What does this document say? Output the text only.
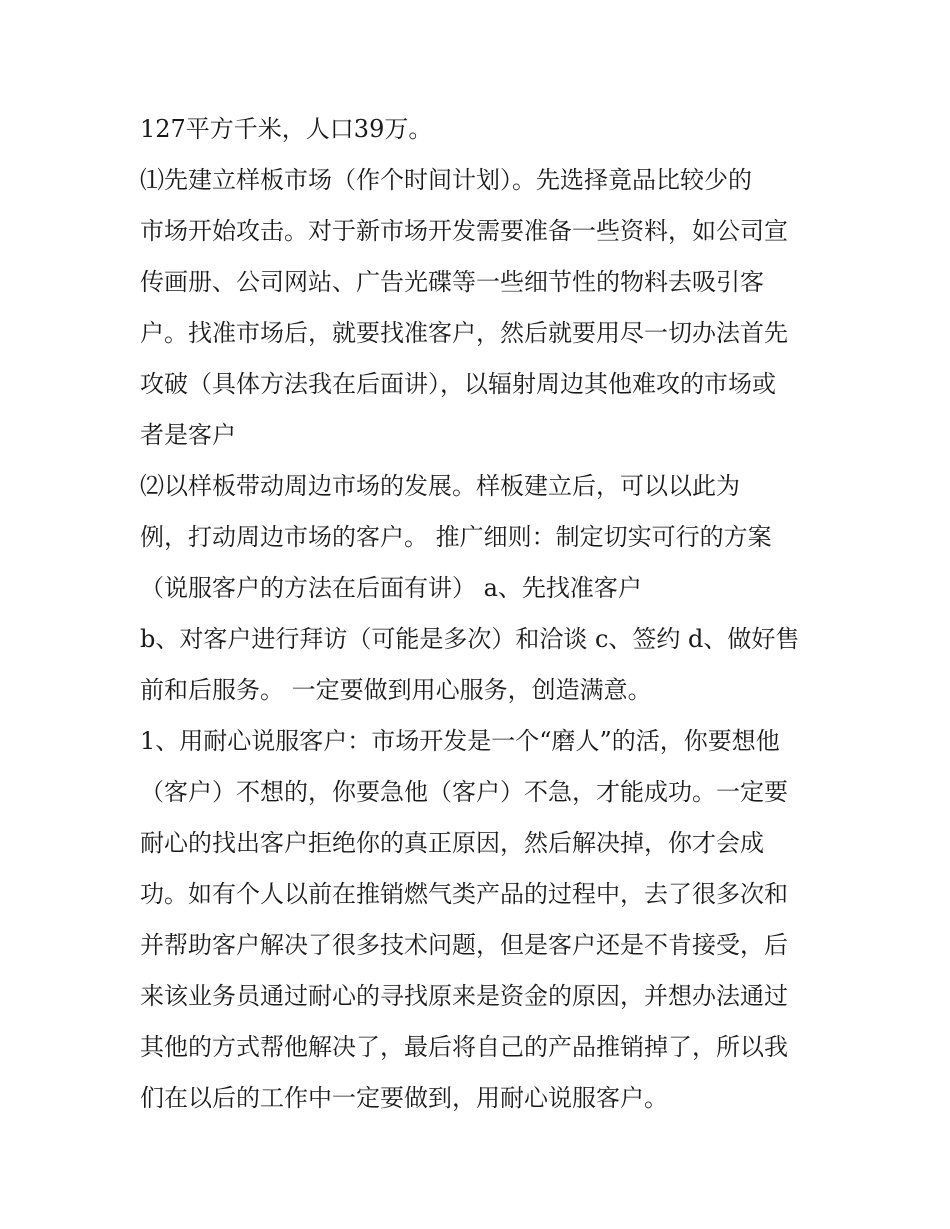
127平方千米，人口39万。
⑴先建立样板市场（作个时间计划）。先选择竟品比较少的
市场开始攻击。对于新市场开发需要准备一些资料，如公司宣
传画册、公司网站、广告光碟等一些细节性的物料去吸引客
户。找准市场后，就要找准客户，然后就要用尽一切办法首先
攻破（具体方法我在后面讲），以辐射周边其他难攻的市场或
者是客户
⑵以样板带动周边市场的发展。样板建立后，可以以此为
例，打动周边市场的客户。 推广细则：制定切实可行的方案
（说服客户的方法在后面有讲） a、先找准客户
b、对客户进行拜访（可能是多次）和洽谈 c、签约 d、做好售
前和后服务。 一定要做到用心服务，创造满意。
1、用耐心说服客户：市场开发是一个“磨人”的活，你要想他
（客户）不想的，你要急他（客户）不急，才能成功。一定要
耐心的找出客户拒绝你的真正原因，然后解决掉，你才会成
功。如有个人以前在推销燃气类产品的过程中，去了很多次和
并帮助客户解决了很多技术问题，但是客户还是不肯接受，后
来该业务员通过耐心的寻找原来是资金的原因，并想办法通过
其他的方式帮他解决了，最后将自己的产品推销掉了，所以我
们在以后的工作中一定要做到，用耐心说服客户。
